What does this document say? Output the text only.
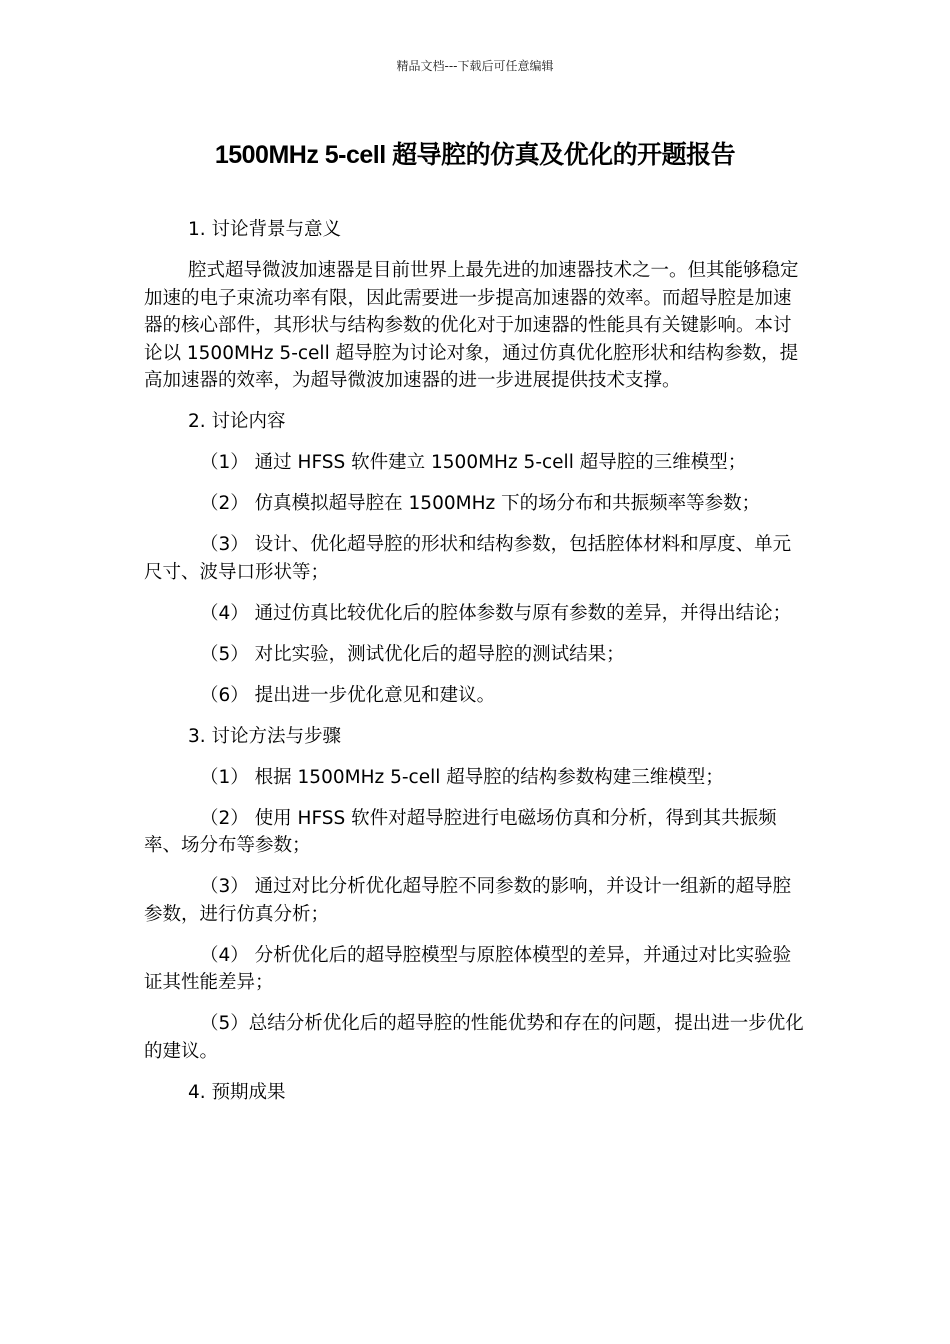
精品文档---下载后可任意编辑
1500MHz 5-cell 超导腔的仿真及优化的开题报告

1. 讨论背景与意义

腔式超导微波加速器是目前世界上最先进的加速器技术之一。但其能够稳定加速的电子束流功率有限，因此需要进一步提高加速器的效率。而超导腔是加速器的核心部件，其形状与结构参数的优化对于加速器的性能具有关键影响。本讨论以 1500MHz 5-cell 超导腔为讨论对象，通过仿真优化腔形状和结构参数，提高加速器的效率，为超导微波加速器的进一步进展提供技术支撑。

2. 讨论内容

（1） 通过 HFSS 软件建立 1500MHz 5-cell 超导腔的三维模型；

（2） 仿真模拟超导腔在 1500MHz 下的场分布和共振频率等参数；

（3） 设计、优化超导腔的形状和结构参数，包括腔体材料和厚度、单元尺寸、波导口形状等；

（4） 通过仿真比较优化后的腔体参数与原有参数的差异，并得出结论；

（5） 对比实验，测试优化后的超导腔的测试结果；

（6） 提出进一步优化意见和建议。

3. 讨论方法与步骤

（1） 根据 1500MHz 5-cell 超导腔的结构参数构建三维模型；

（2） 使用 HFSS 软件对超导腔进行电磁场仿真和分析，得到其共振频率、场分布等参数；

（3） 通过对比分析优化超导腔不同参数的影响，并设计一组新的超导腔参数，进行仿真分析；

（4） 分析优化后的超导腔模型与原腔体模型的差异，并通过对比实验验证其性能差异；

（5）总结分析优化后的超导腔的性能优势和存在的问题，提出进一步优化的建议。

4. 预期成果
